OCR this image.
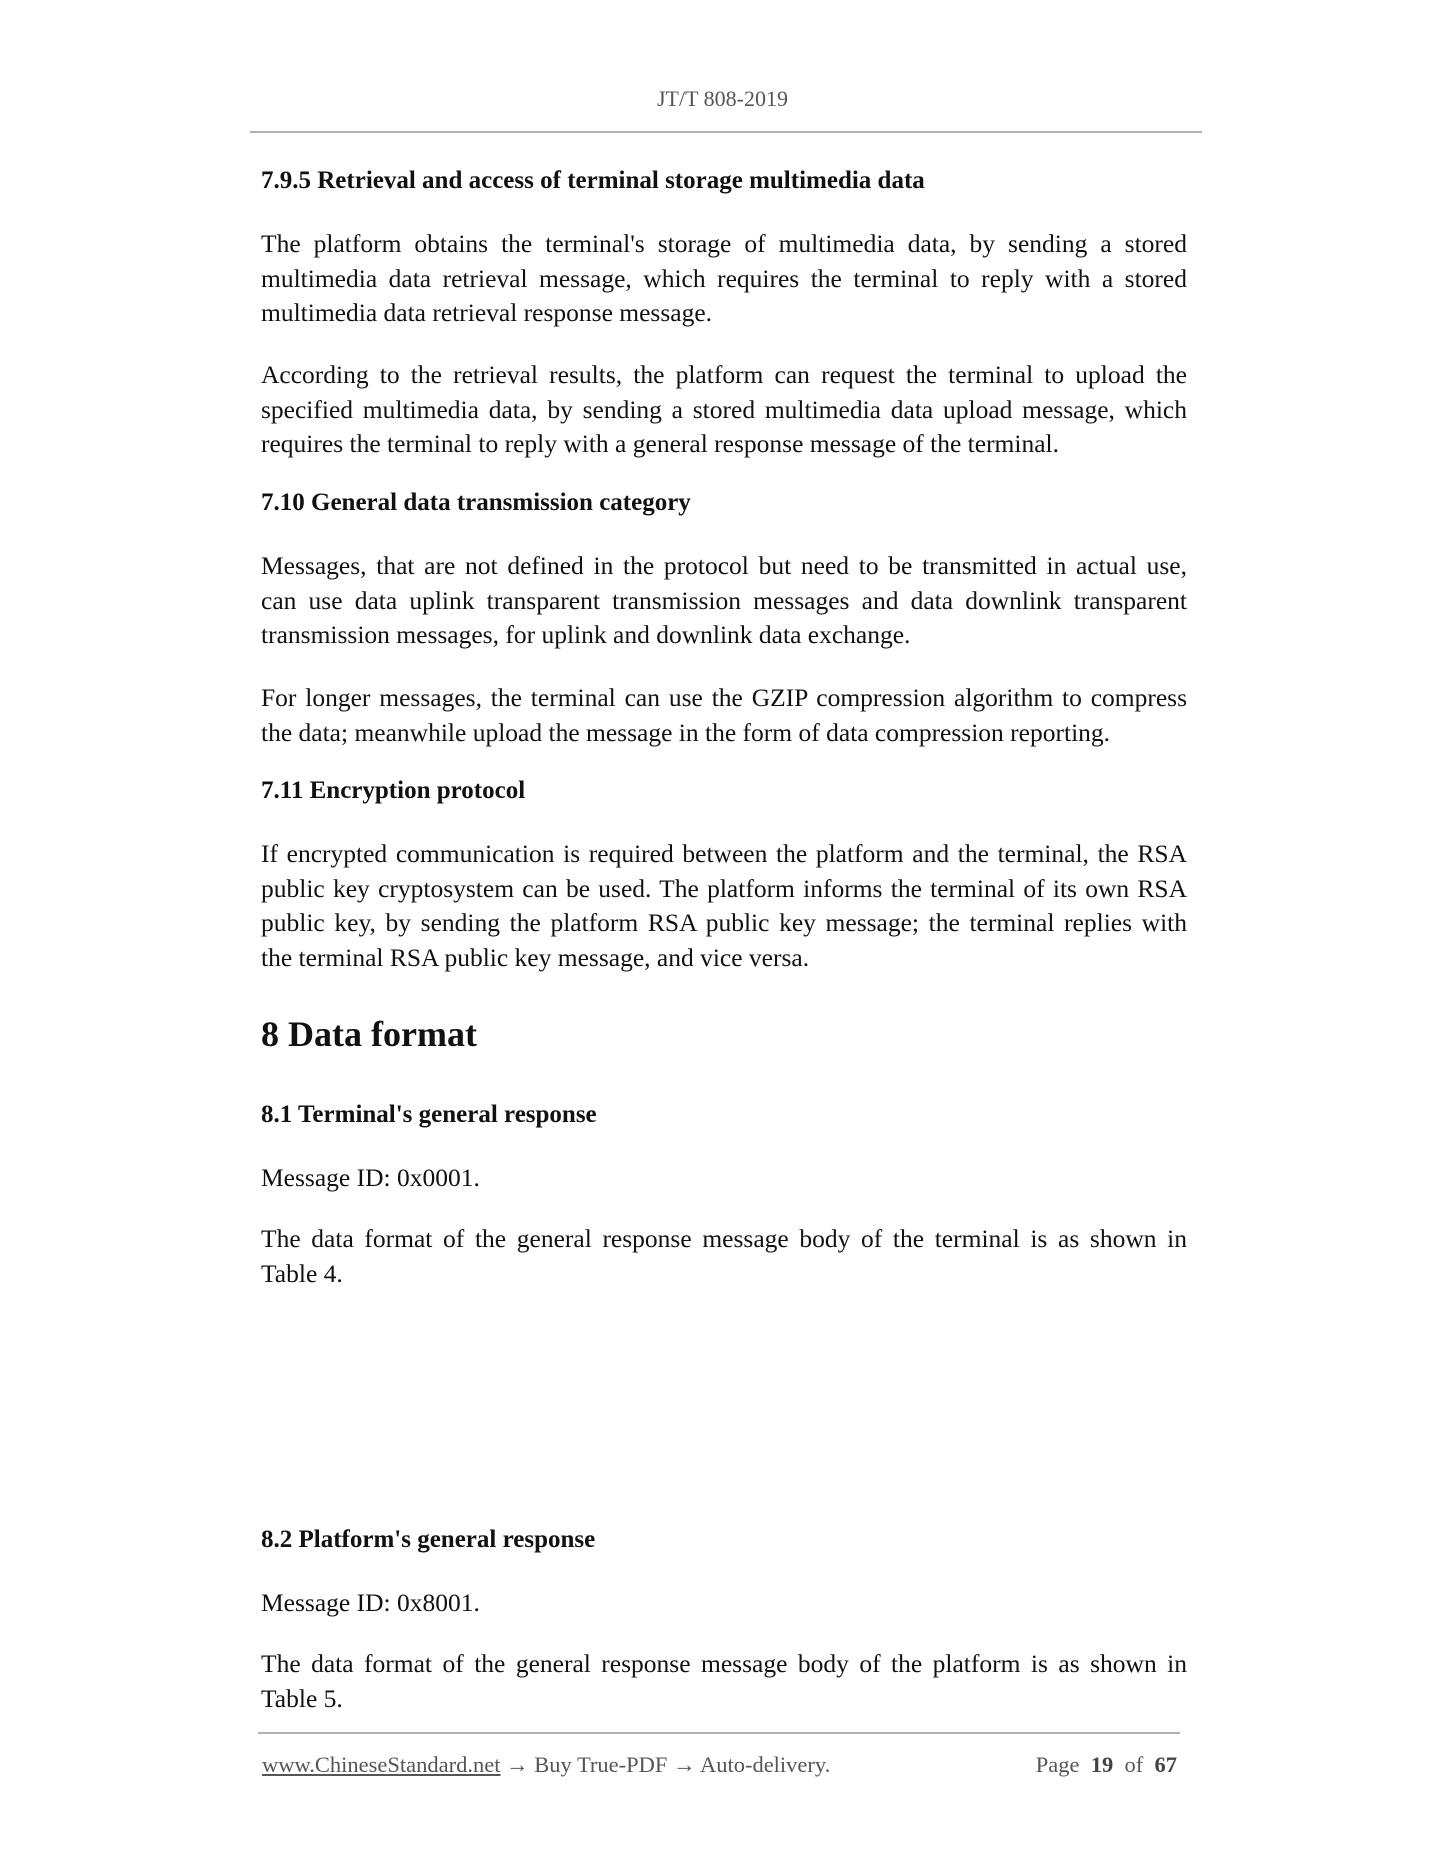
JT/T 808-2019
7.9.5 Retrieval and access of terminal storage multimedia data
The platform obtains the terminal's storage of multimedia data, by sending a stored
multimedia data retrieval message, which requires the terminal to reply with a stored
multimedia data retrieval response message.
According to the retrieval results, the platform can request the terminal to upload the
specified multimedia data, by sending a stored multimedia data upload message, which
requires the terminal to reply with a general response message of the terminal.
7.10 General data transmission category
Messages, that are not defined in the protocol but need to be transmitted in actual use,
can use data uplink transparent transmission messages and data downlink transparent
transmission messages, for uplink and downlink data exchange.
For longer messages, the terminal can use the GZIP compression algorithm to compress
the data; meanwhile upload the message in the form of data compression reporting.
7.11 Encryption protocol
If encrypted communication is required between the platform and the terminal, the RSA
public key cryptosystem can be used. The platform informs the terminal of its own RSA
public key, by sending the platform RSA public key message; the terminal replies with
the terminal RSA public key message, and vice versa.
8 Data format
8.1 Terminal's general response
Message ID: 0x0001.
The data format of the general response message body of the terminal is as shown in
Table 4.
8.2 Platform's general response
Message ID: 0x8001.
The data format of the general response message body of the platform is as shown in
Table 5.
www.ChineseStandard.net → Buy True-PDF → Auto-delivery.	Page 19 of 67
